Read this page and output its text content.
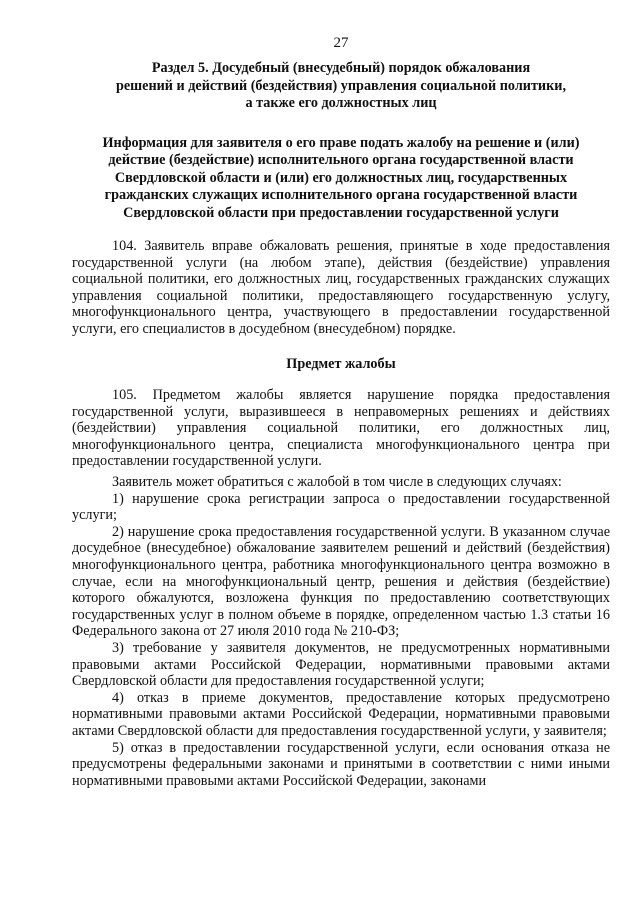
27

Раздел 5. Досудебный (внесудебный) порядок обжалования

решений и действий (бездействия) управления социальной политики,

а также его должностных лиц

Информация для заявителя о его праве подать жалобу на решение и (или)

действие (бездействие) исполнительного органа государственной власти

Свердловской области и (или) его должностных лиц, государственных

гражданских служащих исполнительного органа государственной власти

Свердловской области при предоставлении государственной услуги

104. Заявитель вправе обжаловать решения, принятые в ходе предоставления государственной услуги (на любом этапе), действия (бездействие) управления социальной политики, его должностных лиц, государственных гражданских служащих управления социальной политики, предоставляющего государственную услугу, многофункционального центра, участвующего в предоставлении государственной услуги, его специалистов в досудебном (внесудебном) порядке.

Предмет жалобы

105. Предметом жалобы является нарушение порядка предоставления государственной услуги, выразившееся в неправомерных решениях и действиях (бездействии) управления социальной политики, его должностных лиц, многофункционального центра, специалиста многофункционального центра при предоставлении государственной услуги.

Заявитель может обратиться с жалобой в том числе в следующих случаях:

1) нарушение срока регистрации запроса о предоставлении государственной услуги;

2) нарушение срока предоставления государственной услуги. В указанном случае досудебное (внесудебное) обжалование заявителем решений и действий (бездействия) многофункционального центра, работника многофункционального центра возможно в случае, если на многофункциональный центр, решения и действия (бездействие) которого обжалуются, возложена функция по предоставлению соответствующих государственных услуг в полном объеме в порядке, определенном частью 1.3 статьи 16 Федерального закона от 27 июля 2010 года № 210-ФЗ;

3) требование у заявителя документов, не предусмотренных нормативными правовыми актами Российской Федерации, нормативными правовыми актами Свердловской области для предоставления государственной услуги;

4) отказ в приеме документов, предоставление которых предусмотрено нормативными правовыми актами Российской Федерации, нормативными правовыми актами Свердловской области для предоставления государственной услуги, у заявителя;

5) отказ в предоставлении государственной услуги, если основания отказа не предусмотрены федеральными законами и принятыми в соответствии с ними иными нормативными правовыми актами Российской Федерации, законами
